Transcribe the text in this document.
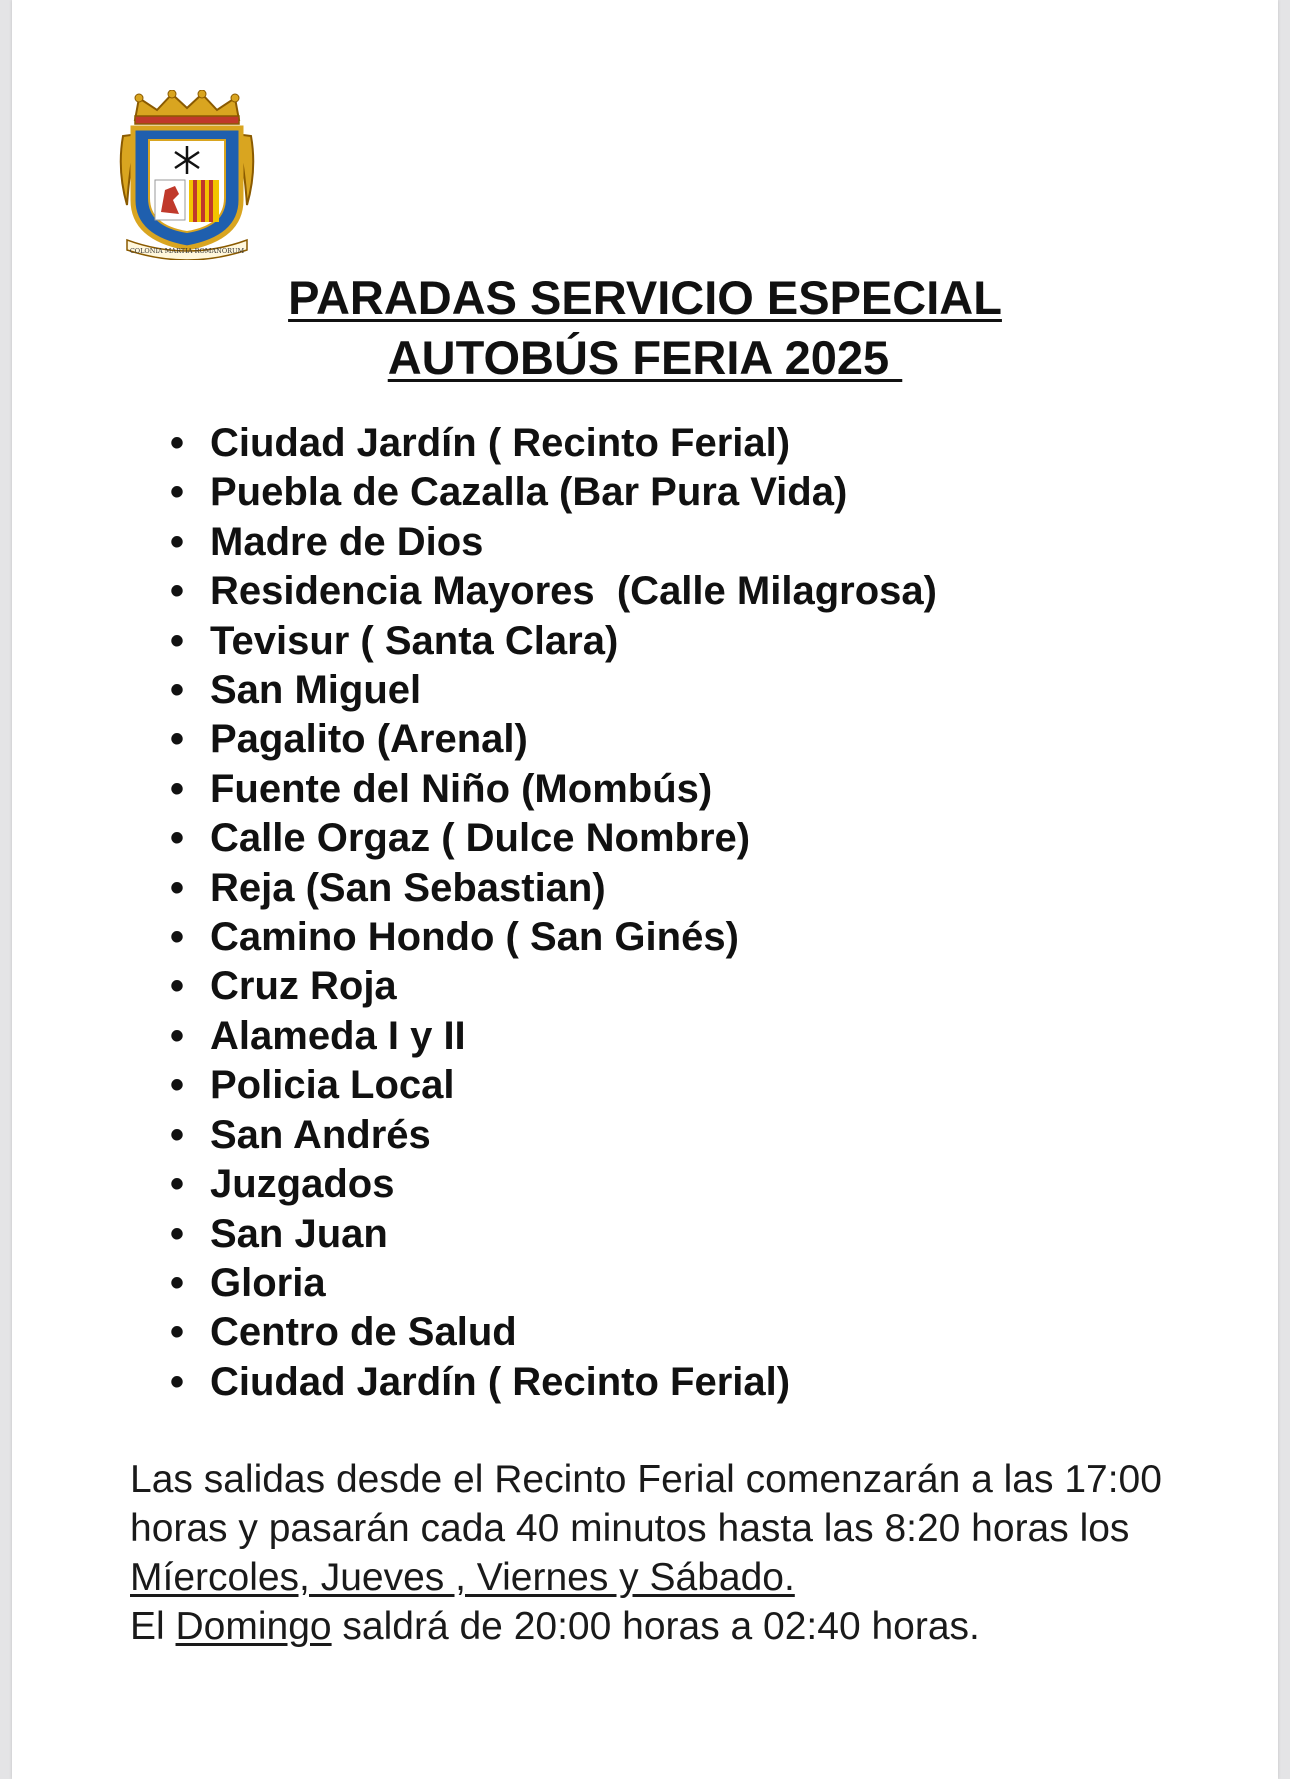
COLONIA MARTIA ROMANORUM
PARADAS SERVICIO ESPECIAL
AUTOBÚS FERIA 2025
• Ciudad Jardín ( Recinto Ferial)
• Puebla de Cazalla (Bar Pura Vida)
• Madre de Dios
• Residencia Mayores  (Calle Milagrosa)
• Tevisur ( Santa Clara)
• San Miguel
• Pagalito (Arenal)
• Fuente del Niño (Mombús)
• Calle Orgaz ( Dulce Nombre)
• Reja (San Sebastian)
• Camino Hondo ( San Ginés)
• Cruz Roja
• Alameda I y II
• Policia Local
• San Andrés
• Juzgados
• San Juan
• Gloria
• Centro de Salud
• Ciudad Jardín ( Recinto Ferial)

Las salidas desde el Recinto Ferial comenzarán a las 17:00 horas y pasarán cada 40 minutos hasta las 8:20 horas los Míercoles, Jueves , Viernes y Sábado.

El Domingo saldrá de 20:00 horas a 02:40 horas.
